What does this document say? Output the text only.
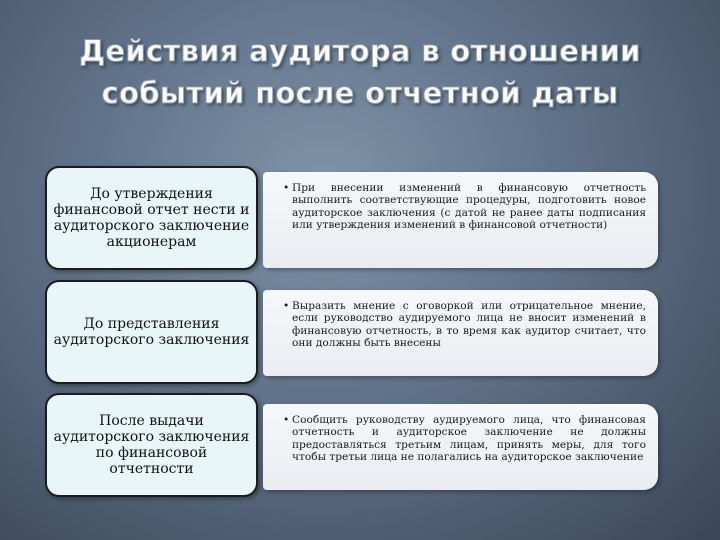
Действия аудитора в отношении
событий после отчетной даты
До утверждения финансовой отчет нести и аудиторского заключение акционерам
• При внесении изменений в финансовую отчетность выполнить соответствующие процедуры, подготовить новое аудиторское заключения (с датой не ранее даты подписания или утверждения изменений в финансовой отчетности)
До представления аудиторского заключения
• Выразить мнение с оговоркой или отрицательное мнение, если руководство аудируемого лица не вносит изменений в финансовую отчетность, в то время как аудитор считает, что они должны быть внесены
После выдачи аудиторского заключения по финансовой отчетности
• Сообщить руководству аудируемого лица, что финансовая отчетность и аудиторское заключение не должны предоставляться третьим лицам, принять меры, для того чтобы третьи лица не полагались на аудиторское заключение
